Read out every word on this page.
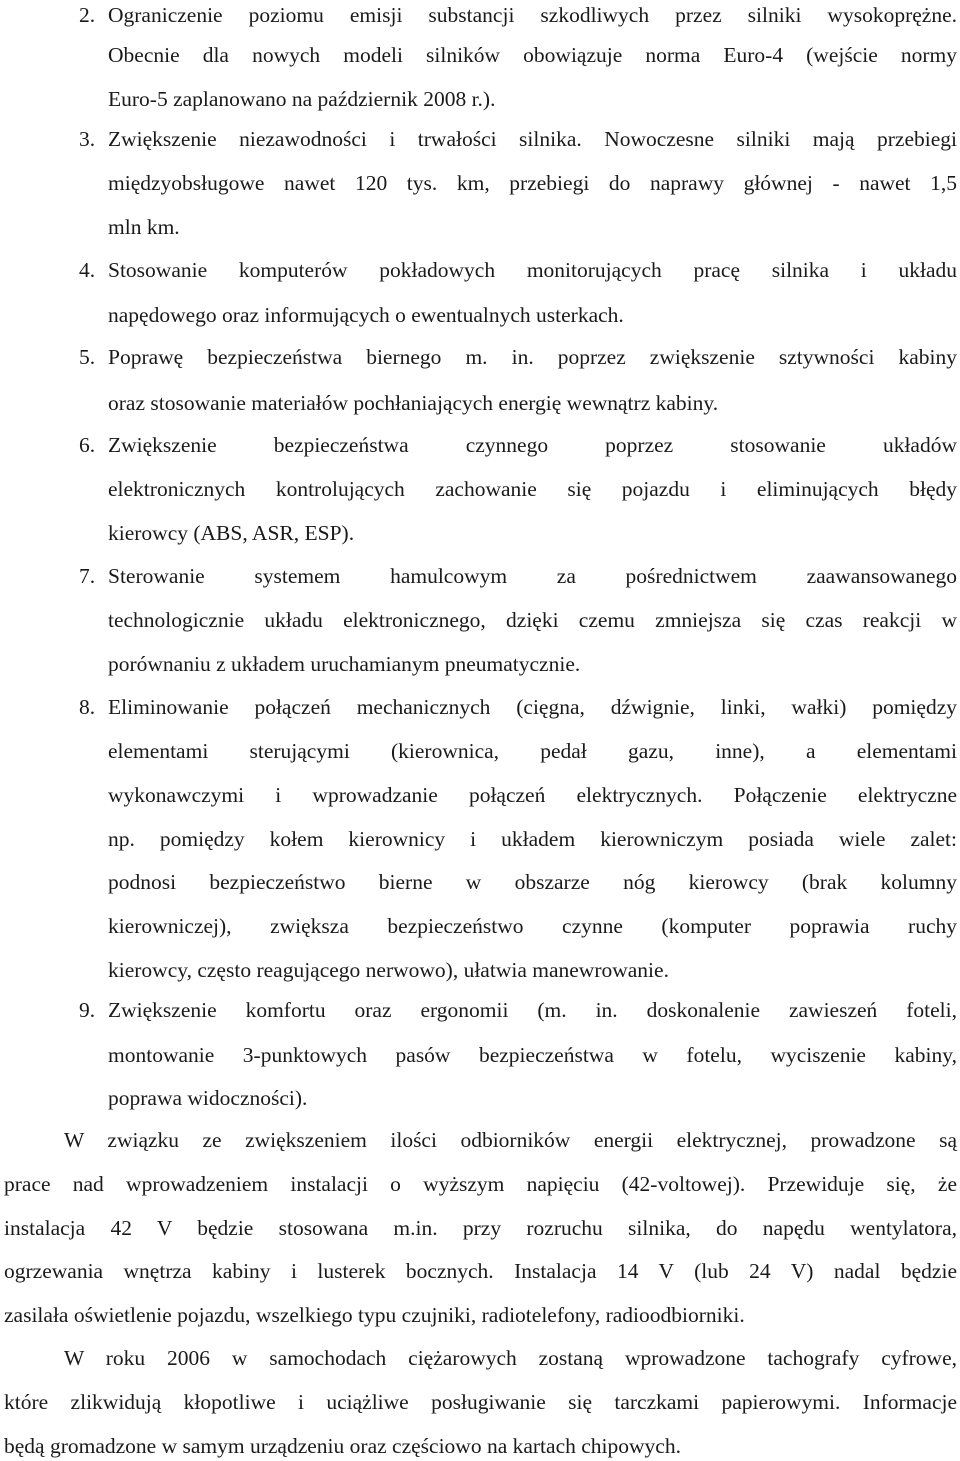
2. Ograniczenie poziomu emisji substancji szkodliwych przez silniki wysokoprężne.
Obecnie dla nowych modeli silników obowiązuje norma Euro-4 (wejście normy
Euro-5 zaplanowano na październik 2008 r.).
3. Zwiększenie niezawodności i trwałości silnika. Nowoczesne silniki mają przebiegi
międzyobsługowe nawet 120 tys. km, przebiegi do naprawy głównej - nawet 1,5
mln km.
4. Stosowanie komputerów pokładowych monitorujących pracę silnika i układu
napędowego oraz informujących o ewentualnych usterkach.
5. Poprawę bezpieczeństwa biernego m. in. poprzez zwiększenie sztywności kabiny
oraz stosowanie materiałów pochłaniających energię wewnątrz kabiny.
6. Zwiększenie bezpieczeństwa czynnego poprzez stosowanie układów
elektronicznych kontrolujących zachowanie się pojazdu i eliminujących błędy
kierowcy (ABS, ASR, ESP).
7. Sterowanie systemem hamulcowym za pośrednictwem zaawansowanego
technologicznie układu elektronicznego, dzięki czemu zmniejsza się czas reakcji w
porównaniu z układem uruchamianym pneumatycznie.
8. Eliminowanie połączeń mechanicznych (cięgna, dźwignie, linki, wałki) pomiędzy
elementami sterującymi (kierownica, pedał gazu, inne), a elementami
wykonawczymi i wprowadzanie połączeń elektrycznych. Połączenie elektryczne
np. pomiędzy kołem kierownicy i układem kierowniczym posiada wiele zalet:
podnosi bezpieczeństwo bierne w obszarze nóg kierowcy (brak kolumny
kierowniczej), zwiększa bezpieczeństwo czynne (komputer poprawia ruchy
kierowcy, często reagującego nerwowo), ułatwia manewrowanie.
9. Zwiększenie komfortu oraz ergonomii (m. in. doskonalenie zawieszeń foteli,
montowanie 3-punktowych pasów bezpieczeństwa w fotelu, wyciszenie kabiny,
poprawa widoczności).
W związku ze zwiększeniem ilości odbiorników energii elektrycznej, prowadzone są
prace nad wprowadzeniem instalacji o wyższym napięciu (42-voltowej). Przewiduje się, że
instalacja 42 V będzie stosowana m.in. przy rozruchu silnika, do napędu wentylatora,
ogrzewania wnętrza kabiny i lusterek bocznych. Instalacja 14 V (lub 24 V) nadal będzie
zasilała oświetlenie pojazdu, wszelkiego typu czujniki, radiotelefony, radioodbiorniki.
W roku 2006 w samochodach ciężarowych zostaną wprowadzone tachografy cyfrowe,
które zlikwidują kłopotliwe i uciążliwe posługiwanie się tarczkami papierowymi. Informacje
będą gromadzone w samym urządzeniu oraz częściowo na kartach chipowych.
